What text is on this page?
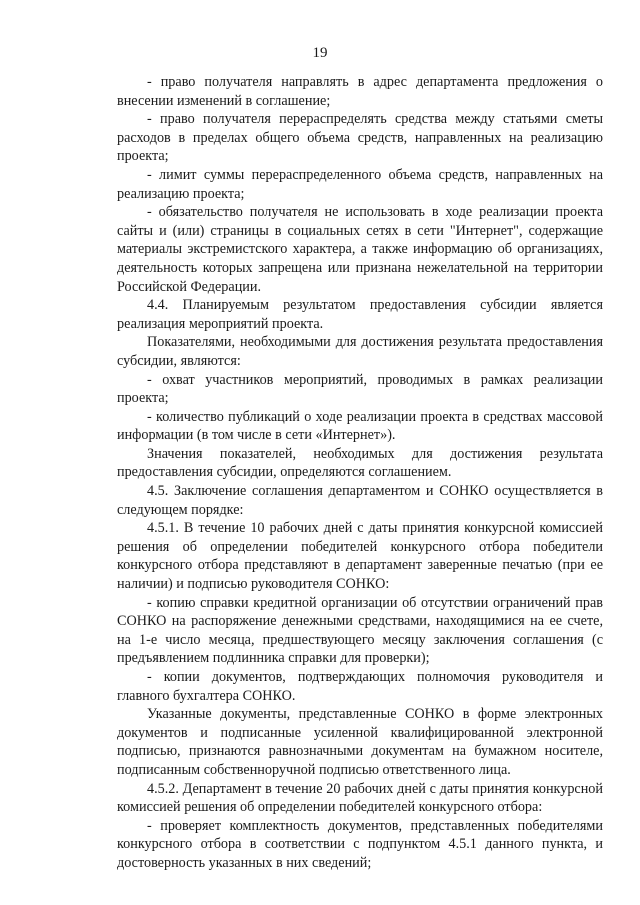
19

- право получателя направлять в адрес департамента предложения о внесении изменений в соглашение;

- право получателя перераспределять средства между статьями сметы расходов в пределах общего объема средств, направленных на реализацию проекта;

- лимит суммы перераспределенного объема средств, направленных на реализацию проекта;

- обязательство получателя не использовать в ходе реализации проекта сайты и (или) страницы в социальных сетях в сети "Интернет", содержащие материалы экстремистского характера, а также информацию об организациях, деятельность которых запрещена или признана нежелательной на территории Российской Федерации.

4.4. Планируемым результатом предоставления субсидии является реализация мероприятий проекта.

Показателями, необходимыми для достижения результата предоставления субсидии, являются:

- охват участников мероприятий, проводимых в рамках реализации проекта;

- количество публикаций о ходе реализации проекта в средствах массовой информации (в том числе в сети «Интернет»).

Значения показателей, необходимых для достижения результата предоставления субсидии, определяются соглашением.

4.5. Заключение соглашения департаментом и СОНКО осуществляется в следующем порядке:

4.5.1. В течение 10 рабочих дней с даты принятия конкурсной комиссией решения об определении победителей конкурсного отбора победители конкурсного отбора представляют в департамент заверенные печатью (при ее наличии) и подписью руководителя СОНКО:

- копию справки кредитной организации об отсутствии ограничений прав СОНКО на распоряжение денежными средствами, находящимися на ее счете, на 1-е число месяца, предшествующего месяцу заключения соглашения (с предъявлением подлинника справки для проверки);

- копии документов, подтверждающих полномочия руководителя и главного бухгалтера СОНКО.

Указанные документы, представленные СОНКО в форме электронных документов и подписанные усиленной квалифицированной электронной подписью, признаются равнозначными документам на бумажном носителе, подписанным собственноручной подписью ответственного лица.

4.5.2. Департамент в течение 20 рабочих дней с даты принятия конкурсной комиссией решения об определении победителей конкурсного отбора:

- проверяет комплектность документов, представленных победителями конкурсного отбора в соответствии с подпунктом 4.5.1 данного пункта, и достоверность указанных в них сведений;
